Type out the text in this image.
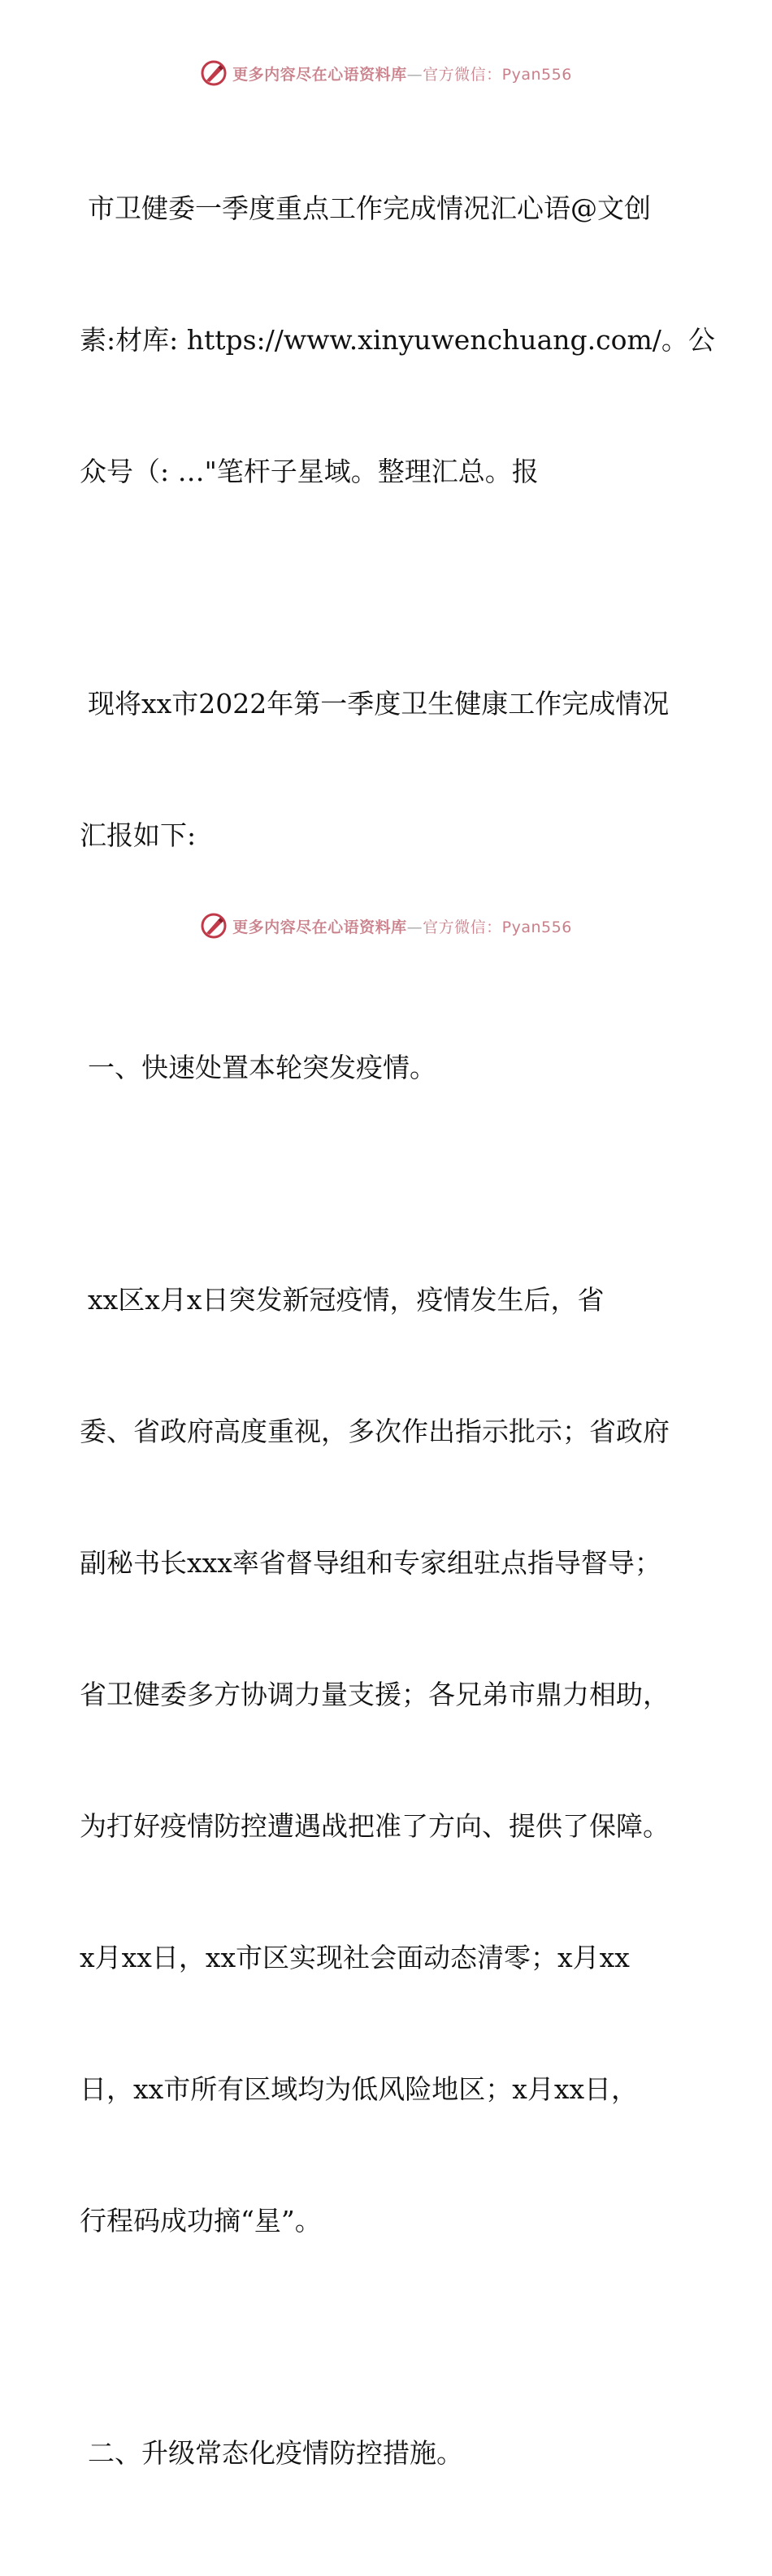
更多内容尽在心语资料库—官方微信：Pyan556

市卫健委一季度重点工作完成情况汇心语@文创

素:材库: https://www.xinyuwenchuang.com/。公

众号（: …"笔杆子星域。整理汇总。报

现将xx市2022年第一季度卫生健康工作完成情况

汇报如下:

一、快速处置本轮突发疫情。

xx区x月x日突发新冠疫情，疫情发生后，省

委、省政府高度重视，多次作出指示批示；省政府

副秘书长xxx率省督导组和专家组驻点指导督导；

省卫健委多方协调力量支援；各兄弟市鼎力相助，

为打好疫情防控遭遇战把准了方向、提供了保障。

x月xx日，xx市区实现社会面动态清零；x月xx

日，xx市所有区域均为低风险地区；x月xx日，

行程码成功摘“星”。

二、升级常态化疫情防控措施。

更多内容尽在心语资料库—官方微信：Pyan556
